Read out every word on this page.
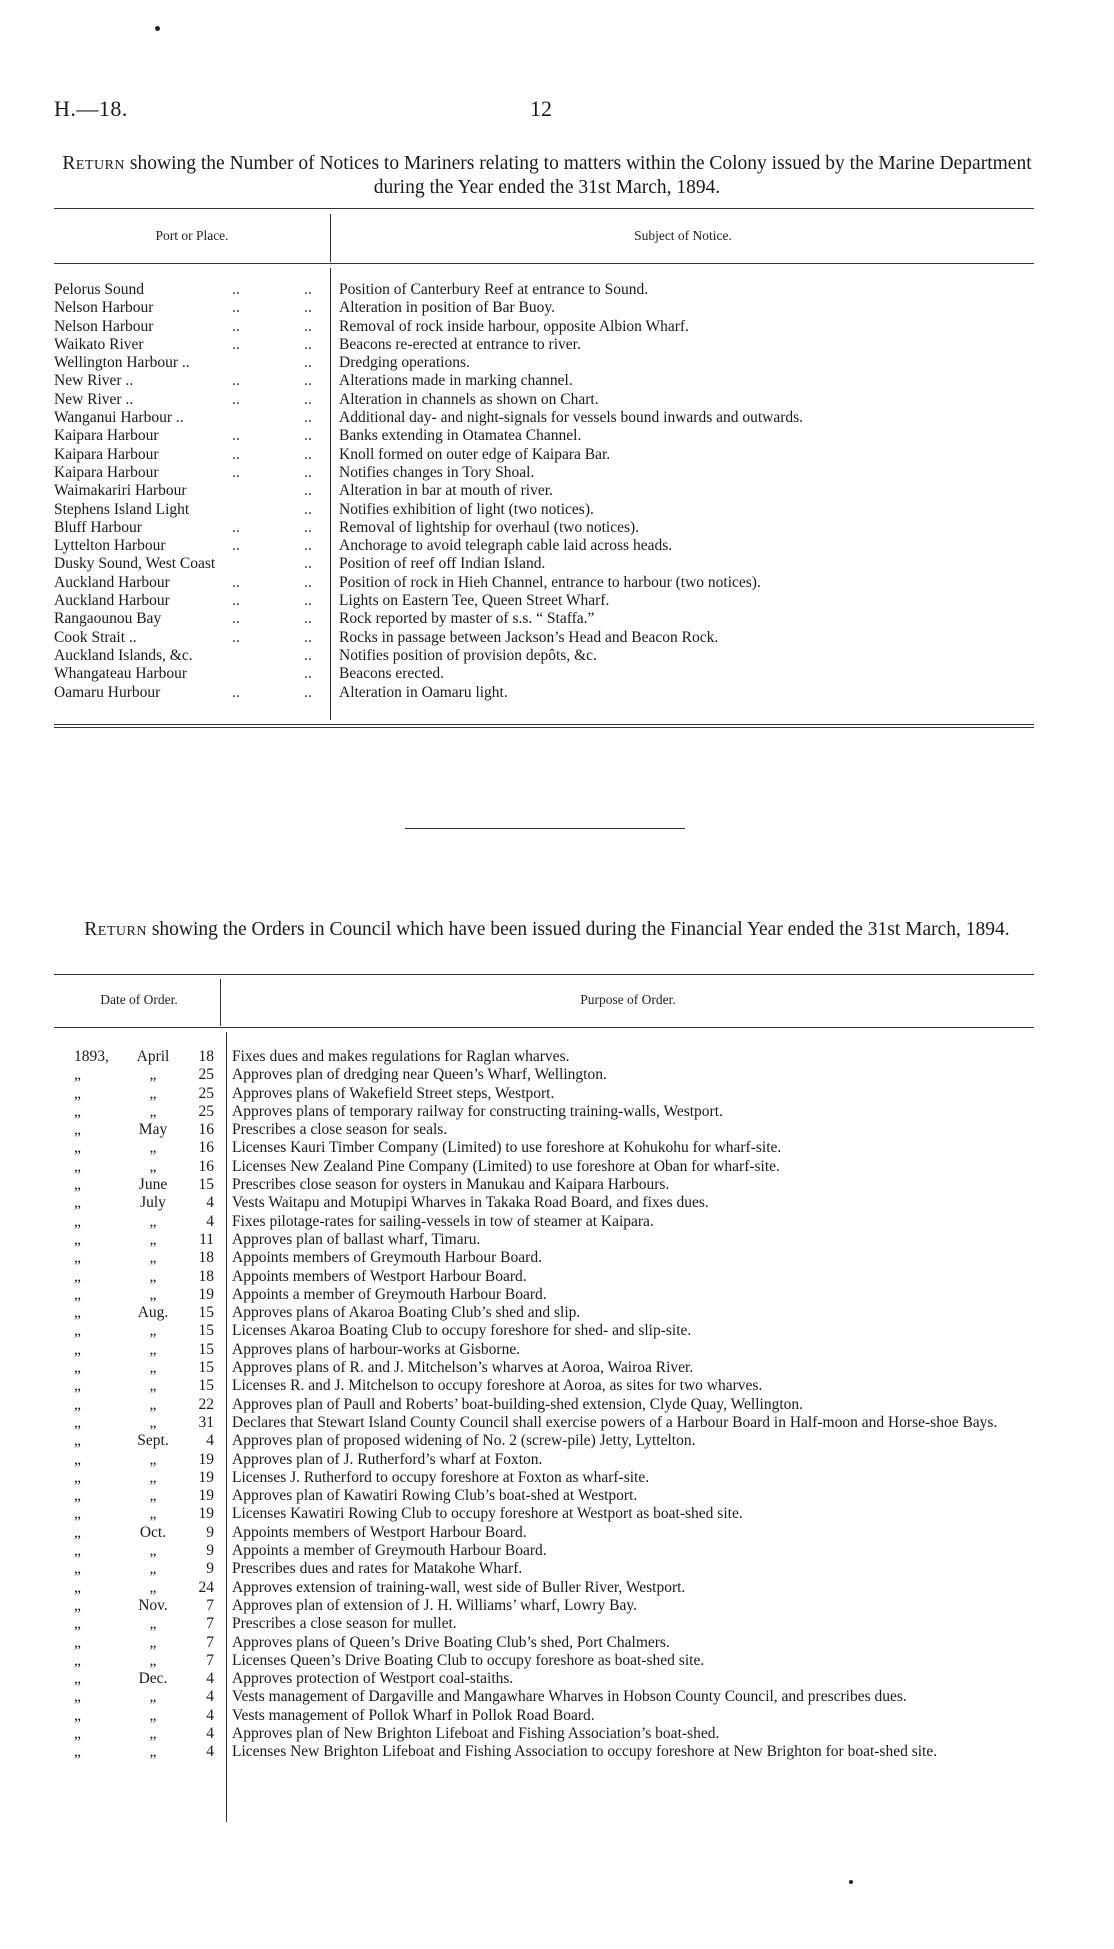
H.—18.	12
Return showing the Number of Notices to Mariners relating to matters within the Colony issued by the Marine Department during the Year ended the 31st March, 1894.
Port or Place.	Subject of Notice.
Pelorus Sound	..	.. Position of Canterbury Reef at entrance to Sound.
Nelson Harbour	..	.. Alteration in position of Bar Buoy.
Nelson Harbour	..	.. Removal of rock inside harbour, opposite Albion Wharf.
Waikato River	..	.. Beacons re-erected at entrance to river.
Wellington Harbour ..	.. Dredging operations.
New River ..	..	.. Alterations made in marking channel.
New River ..	..	.. Alteration in channels as shown on Chart.
Wanganui Harbour ..	.. Additional day- and night-signals for vessels bound inwards and outwards.
Kaipara Harbour	..	.. Banks extending in Otamatea Channel.
Kaipara Harbour	..	.. Knoll formed on outer edge of Kaipara Bar.
Kaipara Harbour	..	.. Notifies changes in Tory Shoal.
Waimakariri Harbour	.. Alteration in bar at mouth of river.
Stephens Island Light	.. Notifies exhibition of light (two notices).
Bluff Harbour	..	.. Removal of lightship for overhaul (two notices).
Lyttelton Harbour	..	.. Anchorage to avoid telegraph cable laid across heads.
Dusky Sound, West Coast	.. Position of reef off Indian Island.
Auckland Harbour	..	.. Position of rock in Hieh Channel, entrance to harbour (two notices).
Auckland Harbour	..	.. Lights on Eastern Tee, Queen Street Wharf.
Rangaounou Bay	..	.. Rock reported by master of s.s. “ Staffa.”
Cook Strait ..	..	.. Rocks in passage between Jackson’s Head and Beacon Rock.
Auckland Islands, &c.	.. Notifies position of provision depôts, &c.
Whangateau Harbour	.. Beacons erected.
Oamaru Hurbour	..	.. Alteration in Oamaru light.
Return showing the Orders in Council which have been issued during the Financial Year ended the 31st March, 1894.
Date of Order.	Purpose of Order.
1893,	April	18 Fixes dues and makes regulations for Raglan wharves.
„	„	25 Approves plan of dredging near Queen’s Wharf, Wellington.
„	„	25 Approves plans of Wakefield Street steps, Westport.
„	„	25 Approves plans of temporary railway for constructing training-walls, Westport.
„	May	16 Prescribes a close season for seals.
„	„	16 Licenses Kauri Timber Company (Limited) to use foreshore at Kohukohu for wharf-site.
„	„	16 Licenses New Zealand Pine Company (Limited) to use foreshore at Oban for wharf-site.
„	June	15 Prescribes close season for oysters in Manukau and Kaipara Harbours.
„	July	4 Vests Waitapu and Motupipi Wharves in Takaka Road Board, and fixes dues.
„	„	4 Fixes pilotage-rates for sailing-vessels in tow of steamer at Kaipara.
„	„	11 Approves plan of ballast wharf, Timaru.
„	„	18 Appoints members of Greymouth Harbour Board.
„	„	18 Appoints members of Westport Harbour Board.
„	„	19 Appoints a member of Greymouth Harbour Board.
„	Aug.	15 Approves plans of Akaroa Boating Club’s shed and slip.
„	„	15 Licenses Akaroa Boating Club to occupy foreshore for shed- and slip-site.
„	„	15 Approves plans of harbour-works at Gisborne.
„	„	15 Approves plans of R. and J. Mitchelson’s wharves at Aoroa, Wairoa River.
„	„	15 Licenses R. and J. Mitchelson to occupy foreshore at Aoroa, as sites for two wharves.
„	„	22 Approves plan of Paull and Roberts’ boat-building-shed extension, Clyde Quay, Wellington.
„	„	31 Declares that Stewart Island County Council shall exercise powers of a Harbour Board in Half-moon and Horse-shoe Bays.
„	Sept.	4 Approves plan of proposed widening of No. 2 (screw-pile) Jetty, Lyttelton.
„	„	19 Approves plan of J. Rutherford’s wharf at Foxton.
„	„	19 Licenses J. Rutherford to occupy foreshore at Foxton as wharf-site.
„	„	19 Approves plan of Kawatiri Rowing Club’s boat-shed at Westport.
„	„	19 Licenses Kawatiri Rowing Club to occupy foreshore at Westport as boat-shed site.
„	Oct.	9 Appoints members of Westport Harbour Board.
„	„	9 Appoints a member of Greymouth Harbour Board.
„	„	9 Prescribes dues and rates for Matakohe Wharf.
„	„	24 Approves extension of training-wall, west side of Buller River, Westport.
„	Nov.	7 Approves plan of extension of J. H. Williams’ wharf, Lowry Bay.
„	„	7 Prescribes a close season for mullet.
„	„	7 Approves plans of Queen’s Drive Boating Club’s shed, Port Chalmers.
„	„	7 Licenses Queen’s Drive Boating Club to occupy foreshore as boat-shed site.
„	Dec.	4 Approves protection of Westport coal-staiths.
„	„	4 Vests management of Dargaville and Mangawhare Wharves in Hobson County Council, and prescribes dues.
„	„	4 Vests management of Pollok Wharf in Pollok Road Board.
„	„	4 Approves plan of New Brighton Lifeboat and Fishing Association’s boat-shed.
„	„	4 Licenses New Brighton Lifeboat and Fishing Association to occupy foreshore at New Brighton for boat-shed site.
